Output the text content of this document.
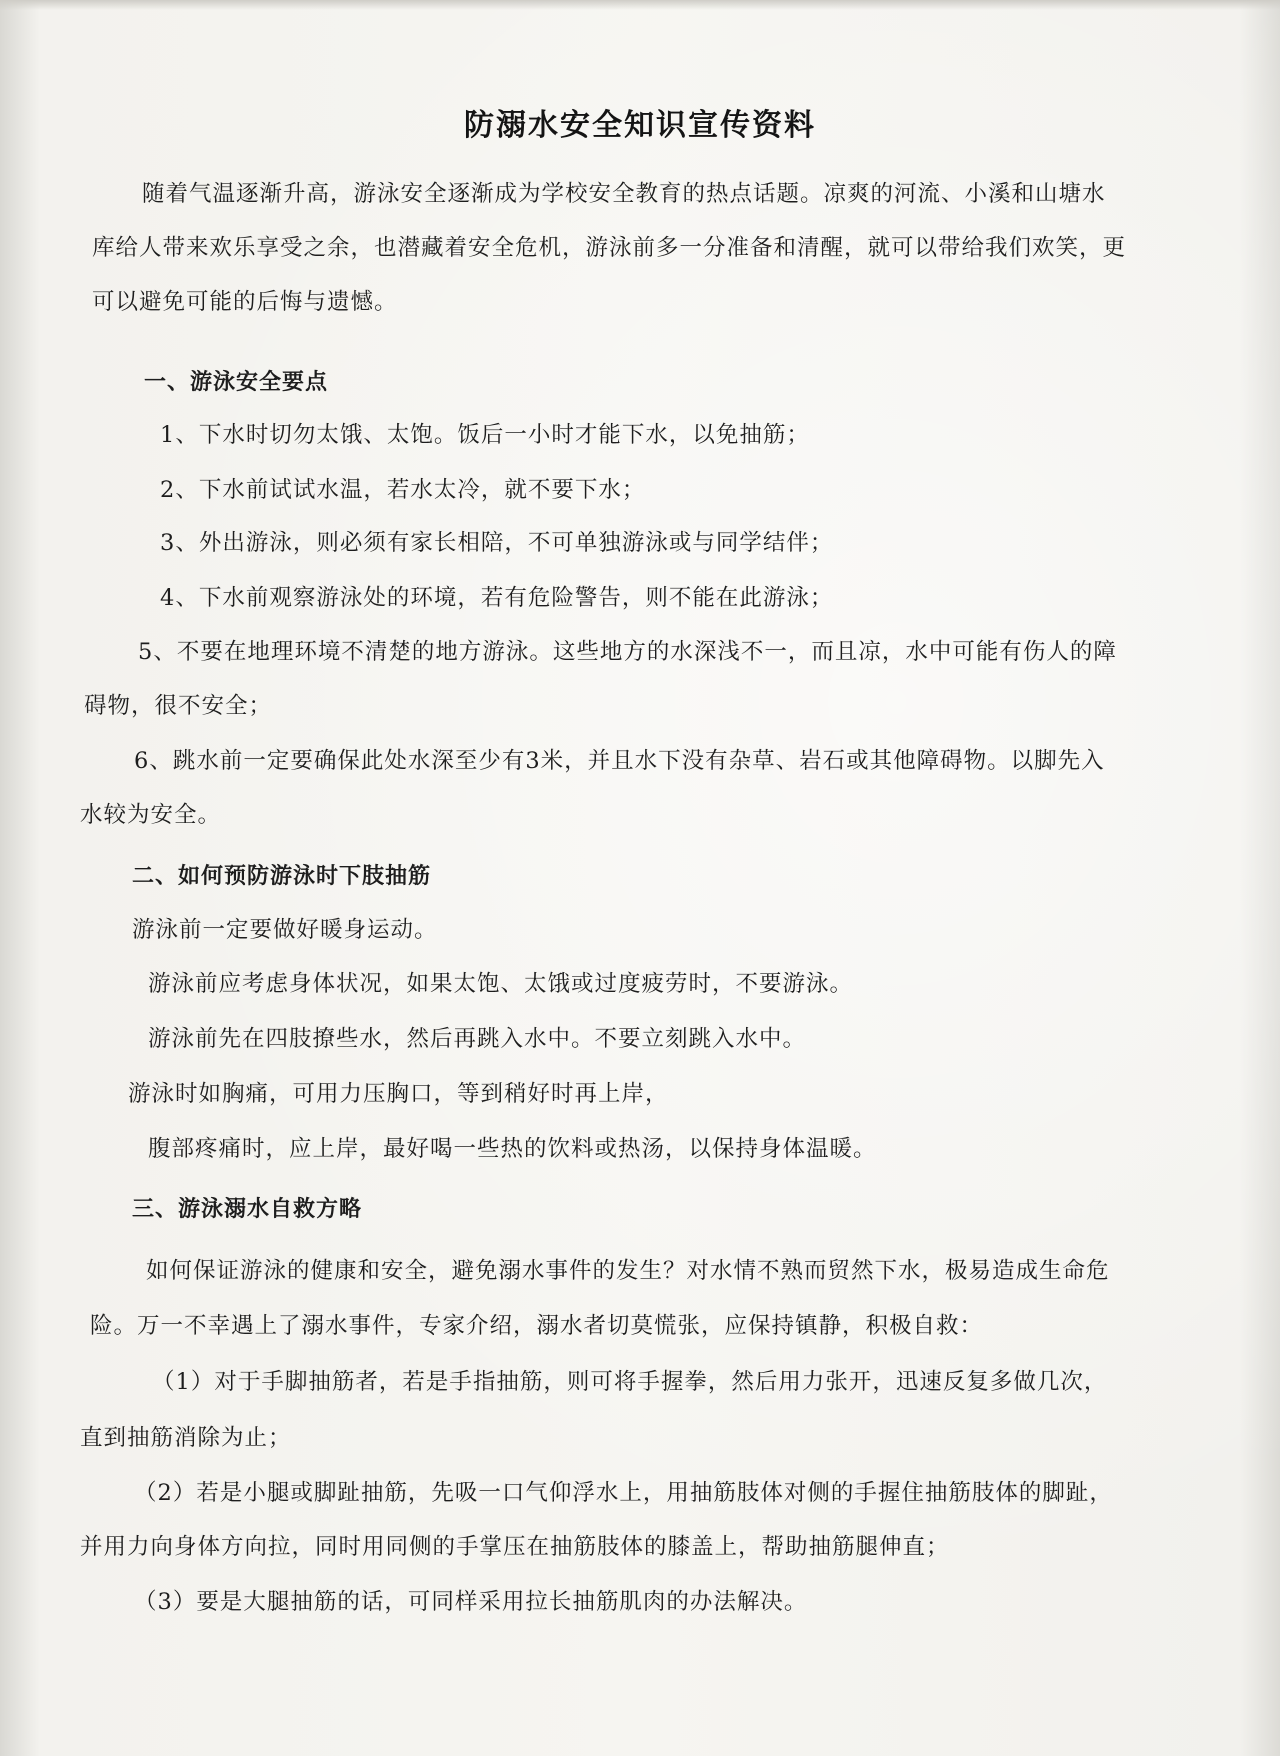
防溺水安全知识宣传资料
随着气温逐渐升高，游泳安全逐渐成为学校安全教育的热点话题。凉爽的河流、小溪和山塘水
库给人带来欢乐享受之余，也潜藏着安全危机，游泳前多一分准备和清醒，就可以带给我们欢笑，更
可以避免可能的后悔与遗憾。
一、游泳安全要点
1、下水时切勿太饿、太饱。饭后一小时才能下水，以免抽筋；
2、下水前试试水温，若水太冷，就不要下水；
3、外出游泳，则必须有家长相陪，不可单独游泳或与同学结伴；
4、下水前观察游泳处的环境，若有危险警告，则不能在此游泳；
5、不要在地理环境不清楚的地方游泳。这些地方的水深浅不一，而且凉，水中可能有伤人的障
碍物，很不安全；
6、跳水前一定要确保此处水深至少有3米，并且水下没有杂草、岩石或其他障碍物。以脚先入
水较为安全。
二、如何预防游泳时下肢抽筋
游泳前一定要做好暖身运动。
游泳前应考虑身体状况，如果太饱、太饿或过度疲劳时，不要游泳。
游泳前先在四肢撩些水，然后再跳入水中。不要立刻跳入水中。
游泳时如胸痛，可用力压胸口，等到稍好时再上岸，
腹部疼痛时，应上岸，最好喝一些热的饮料或热汤，以保持身体温暖。
三、游泳溺水自救方略
如何保证游泳的健康和安全，避免溺水事件的发生？对水情不熟而贸然下水，极易造成生命危
险。万一不幸遇上了溺水事件，专家介绍，溺水者切莫慌张，应保持镇静，积极自救：
（1）对于手脚抽筋者，若是手指抽筋，则可将手握拳，然后用力张开，迅速反复多做几次，
直到抽筋消除为止；
（2）若是小腿或脚趾抽筋，先吸一口气仰浮水上，用抽筋肢体对侧的手握住抽筋肢体的脚趾，
并用力向身体方向拉，同时用同侧的手掌压在抽筋肢体的膝盖上，帮助抽筋腿伸直；
（3）要是大腿抽筋的话，可同样采用拉长抽筋肌肉的办法解决。
